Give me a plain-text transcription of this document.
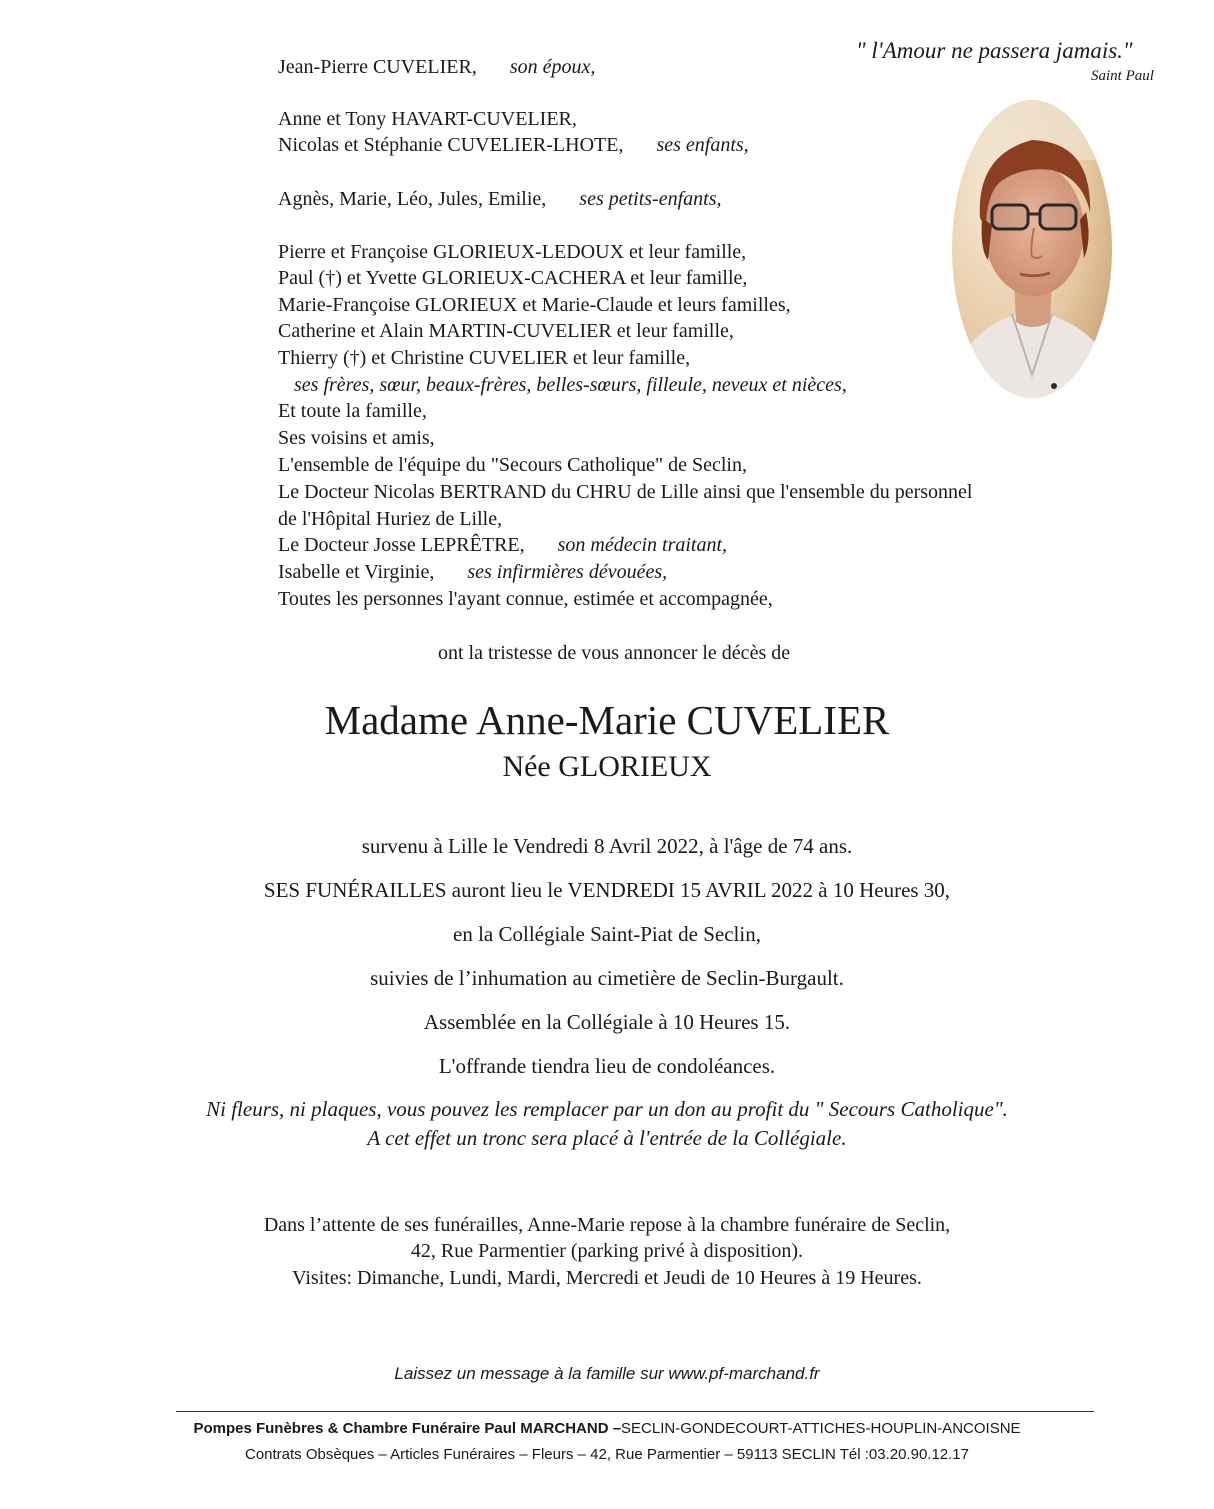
" l'Amour ne passera jamais."
Saint Paul
Jean-Pierre CUVELIER, son époux,
Anne et Tony HAVART-CUVELIER,
Nicolas et Stéphanie CUVELIER-LHOTE, ses enfants,
Agnès, Marie, Léo, Jules, Emilie, ses petits-enfants,
Pierre et Françoise GLORIEUX-LEDOUX et leur famille,
Paul (†) et Yvette GLORIEUX-CACHERA et leur famille,
Marie-Françoise GLORIEUX et Marie-Claude et leurs familles,
Catherine et Alain MARTIN-CUVELIER et leur famille,
Thierry (†) et Christine CUVELIER et leur famille,
ses frères, sœur, beaux-frères, belles-sœurs, filleule, neveux et nièces,
Et toute la famille,
Ses voisins et amis,
L'ensemble de l'équipe du "Secours Catholique" de Seclin,
Le Docteur Nicolas BERTRAND du CHRU de Lille ainsi que l'ensemble du personnel
de l'Hôpital Huriez de Lille,
Le Docteur Josse LEPRÊTRE, son médecin traitant,
Isabelle et Virginie, ses infirmières dévouées,
Toutes les personnes l'ayant connue, estimée et accompagnée,
ont la tristesse de vous annoncer le décès de
Madame Anne-Marie CUVELIER
Née GLORIEUX
survenu à Lille le Vendredi 8 Avril 2022, à l'âge de 74 ans.
SES FUNÉRAILLES auront lieu le VENDREDI 15 AVRIL 2022 à 10 Heures 30,
en la Collégiale Saint-Piat de Seclin,
suivies de l’inhumation au cimetière de Seclin-Burgault.
Assemblée en la Collégiale à 10 Heures 15.
L'offrande tiendra lieu de condoléances.
Ni fleurs, ni plaques, vous pouvez les remplacer par un don au profit du " Secours Catholique".
A cet effet un tronc sera placé à l'entrée de la Collégiale.
Dans l’attente de ses funérailles, Anne-Marie repose à la chambre funéraire de Seclin,
42, Rue Parmentier (parking privé à disposition).
Visites: Dimanche, Lundi, Mardi, Mercredi et Jeudi de 10 Heures à 19 Heures.
Laissez un message à la famille sur www.pf-marchand.fr
Pompes Funèbres & Chambre Funéraire Paul MARCHAND –SECLIN-GONDECOURT-ATTICHES-HOUPLIN-ANCOISNE
Contrats Obsèques – Articles Funéraires – Fleurs – 42, Rue Parmentier – 59113 SECLIN Tél :03.20.90.12.17
